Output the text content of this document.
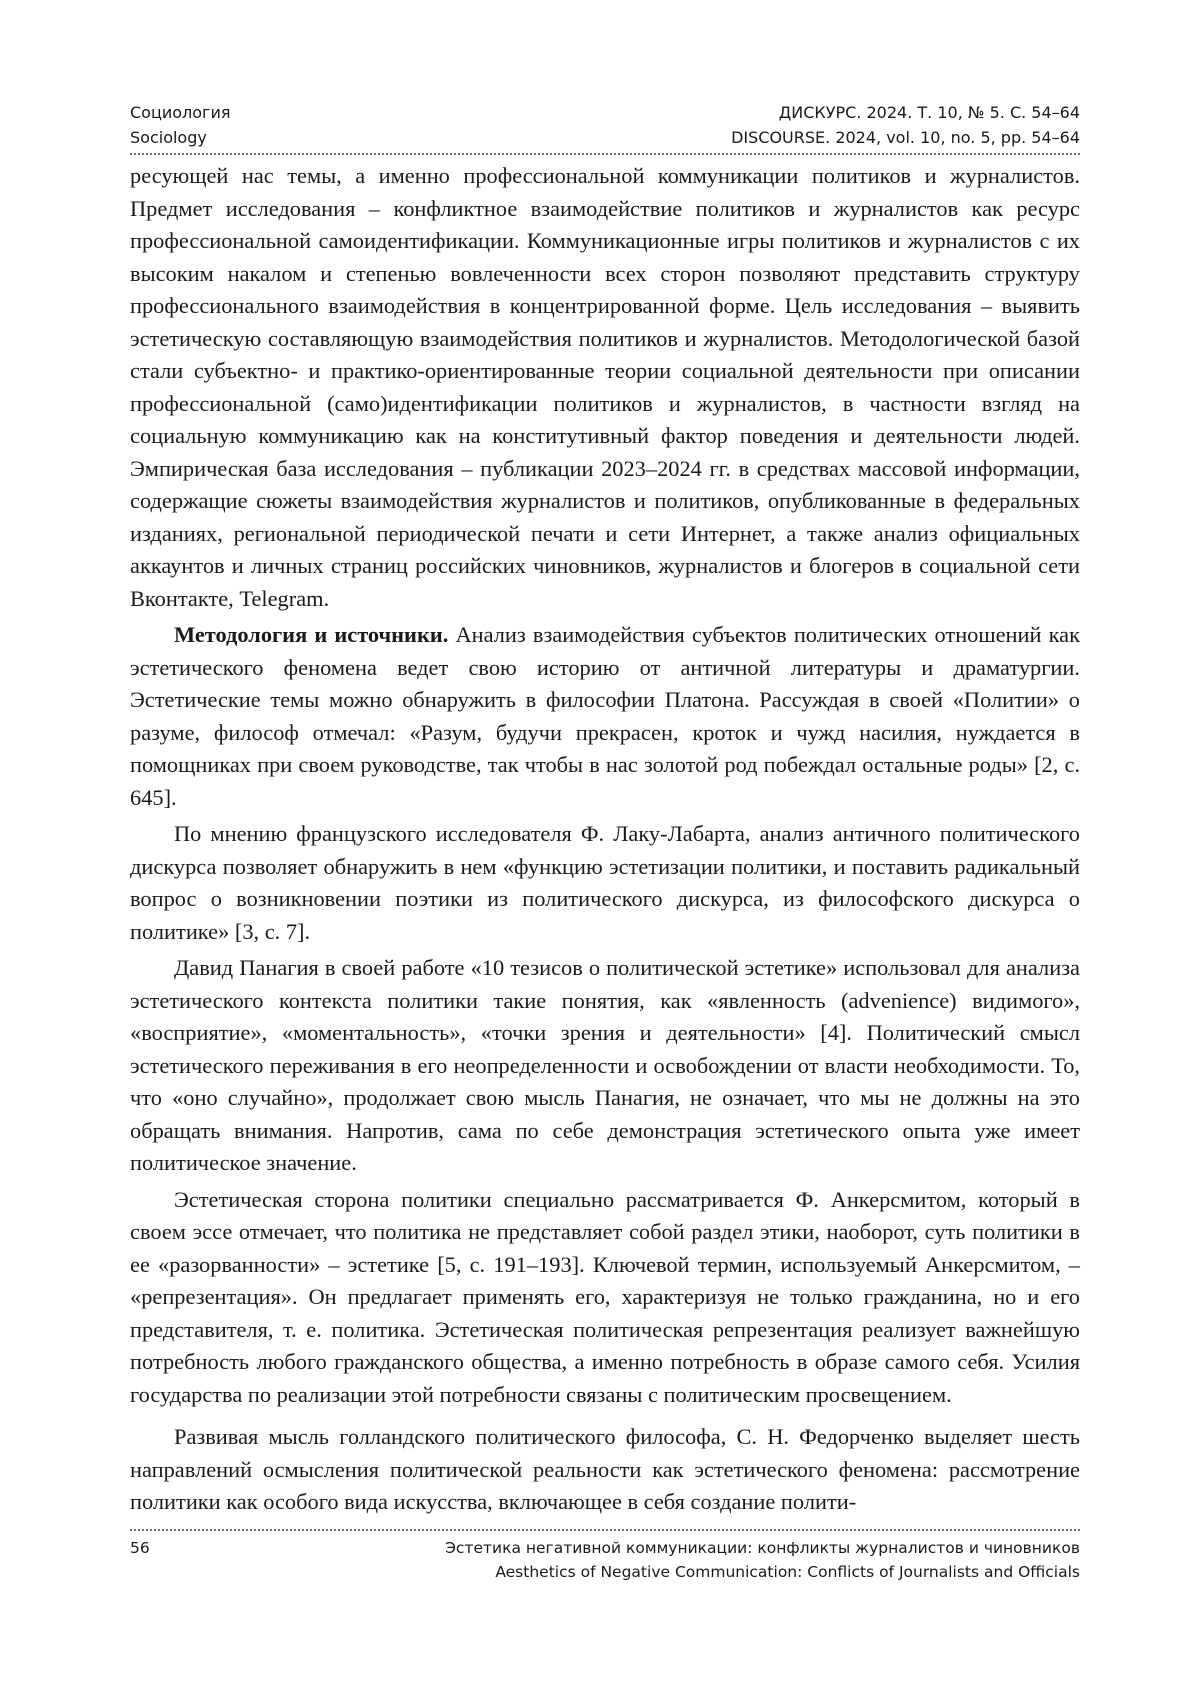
Социология
Sociology
ДИСКУРС. 2024. Т. 10, № 5. С. 54–64
DISCOURSE. 2024, vol. 10, no. 5, pp. 54–64

ресующей нас темы, а именно профессиональной коммуникации политиков и журналистов. Предмет исследования – конфликтное взаимодействие политиков и журналистов как ресурс профессиональной самоидентификации. Коммуникационные игры политиков и журналистов с их высоким накалом и степенью вовлеченности всех сторон позволяют представить структуру профессионального взаимодействия в концентрированной форме. Цель исследования – выявить эстетическую составляющую взаимодействия политиков и журналистов. Методологической базой стали субъектно- и практико-ориентированные теории социальной деятельности при описании профессиональной (само)идентификации политиков и журналистов, в частности взгляд на социальную коммуникацию как на конститутивный фактор поведения и деятельности людей. Эмпирическая база исследования – публикации 2023–2024 гг. в средствах массовой информации, содержащие сюжеты взаимодействия журналистов и политиков, опубликованные в федеральных изданиях, региональной периодической печати и сети Интернет, а также анализ официальных аккаунтов и личных страниц российских чиновников, журналистов и блогеров в социальной сети Вконтакте, Telegram.

Методология и источники. Анализ взаимодействия субъектов политических отношений как эстетического феномена ведет свою историю от античной литературы и драматургии. Эстетические темы можно обнаружить в философии Платона. Рассуждая в своей «Политии» о разуме, философ отмечал: «Разум, будучи прекрасен, кроток и чужд насилия, нуждается в помощниках при своем руководстве, так чтобы в нас золотой род побеждал остальные роды» [2, с. 645].

По мнению французского исследователя Ф. Лаку-Лабарта, анализ античного политического дискурса позволяет обнаружить в нем «функцию эстетизации политики, и поставить радикальный вопрос о возникновении поэтики из политического дискурса, из философского дискурса о политике» [3, с. 7].

Давид Панагия в своей работе «10 тезисов о политической эстетике» использовал для анализа эстетического контекста политики такие понятия, как «явленность (advenience) видимого», «восприятие», «моментальность», «точки зрения и деятельности» [4]. Политический смысл эстетического переживания в его неопределенности и освобождении от власти необходимости. То, что «оно случайно», продолжает свою мысль Панагия, не означает, что мы не должны на это обращать внимания. Напротив, сама по себе демонстрация эстетического опыта уже имеет политическое значение.

Эстетическая сторона политики специально рассматривается Ф. Анкерсмитом, который в своем эссе отмечает, что политика не представляет собой раздел этики, наоборот, суть политики в ее «разорванности» – эстетике [5, с. 191–193]. Ключевой термин, используемый Анкерсмитом, – «репрезентация». Он предлагает применять его, характеризуя не только гражданина, но и его представителя, т. е. политика. Эстетическая политическая репрезентация реализует важнейшую потребность любого гражданского общества, а именно потребность в образе самого себя. Усилия государства по реализации этой потребности связаны с политическим просвещением.

Развивая мысль голландского политического философа, С. Н. Федорченко выделяет шесть направлений осмысления политической реальности как эстетического феномена: рассмотрение политики как особого вида искусства, включающее в себя создание полити-

56	Эстетика негативной коммуникации: конфликты журналистов и чиновников
Aesthetics of Negative Communication: Conflicts of Journalists and Officials
